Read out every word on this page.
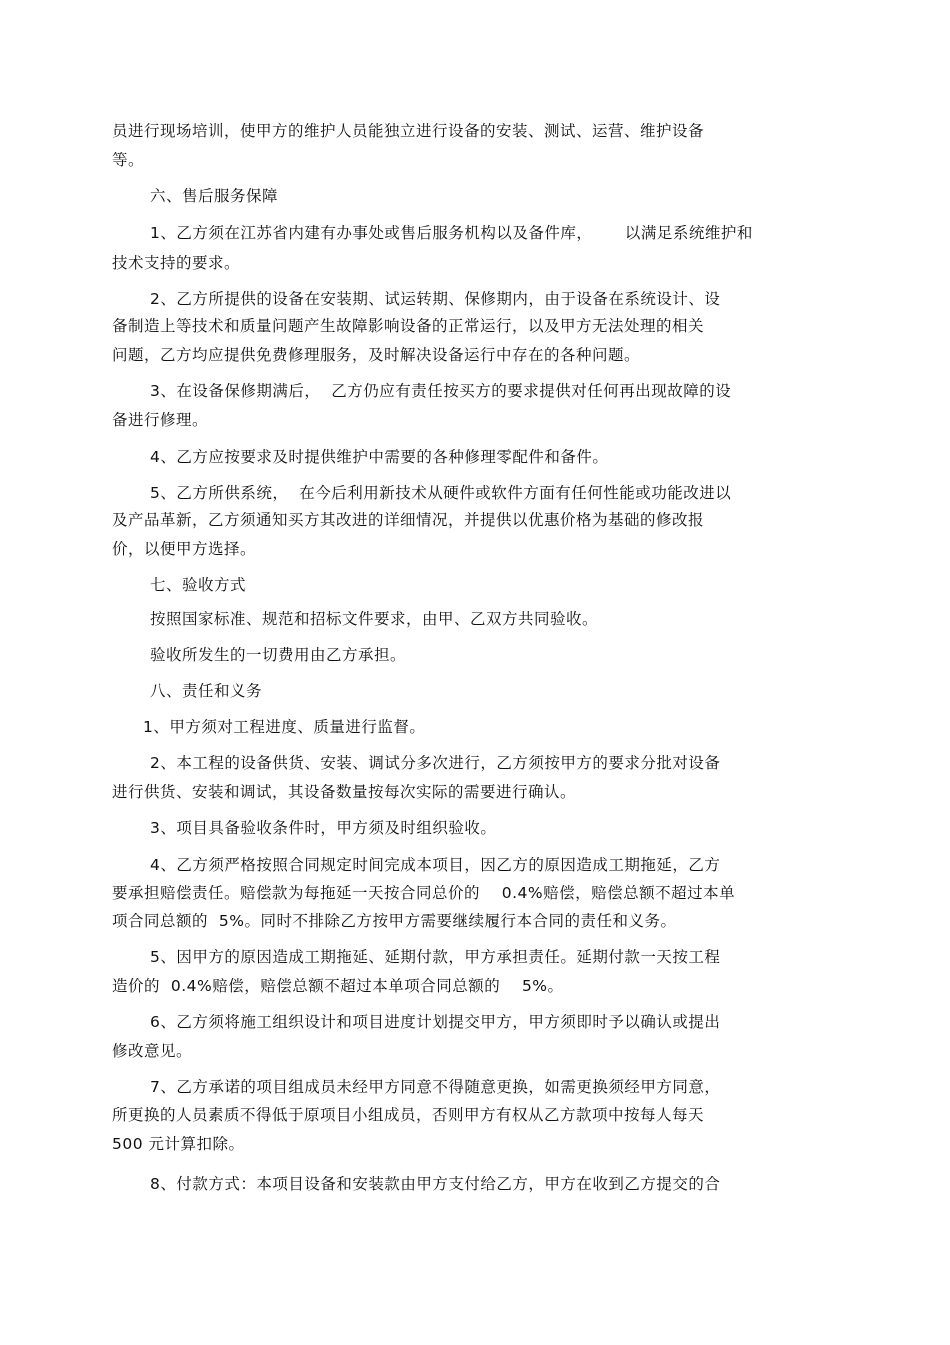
员进行现场培训，使甲方的维护人员能独立进行设备的安装、测试、运营、维护设备
等。
六、售后服务保障
1、乙方须在江苏省内建有办事处或售后服务机构以及备件库，      以满足系统维护和
技术支持的要求。
2、乙方所提供的设备在安装期、试运转期、保修期内，由于设备在系统设计、设
备制造上等技术和质量问题产生故障影响设备的正常运行，以及甲方无法处理的相关
问题，乙方均应提供免费修理服务，及时解决设备运行中存在的各种问题。
3、在设备保修期满后，  乙方仍应有责任按买方的要求提供对任何再出现故障的设
备进行修理。
4、乙方应按要求及时提供维护中需要的各种修理零配件和备件。
5、乙方所供系统，  在今后利用新技术从硬件或软件方面有任何性能或功能改进以
及产品革新，乙方须通知买方其改进的详细情况，并提供以优惠价格为基础的修改报
价，以便甲方选择。
七、验收方式
按照国家标准、规范和招标文件要求，由甲、乙双方共同验收。
验收所发生的一切费用由乙方承担。
八、责任和义务
1、甲方须对工程进度、质量进行监督。
2、本工程的设备供货、安装、调试分多次进行，乙方须按甲方的要求分批对设备
进行供货、安装和调试，其设备数量按每次实际的需要进行确认。
3、项目具备验收条件时，甲方须及时组织验收。
4、乙方须严格按照合同规定时间完成本项目，因乙方的原因造成工期拖延，乙方
要承担赔偿责任。赔偿款为每拖延一天按合同总价的    0.4%赔偿，赔偿总额不超过本单
项合同总额的  5%。同时不排除乙方按甲方需要继续履行本合同的责任和义务。
5、因甲方的原因造成工期拖延、延期付款，甲方承担责任。延期付款一天按工程
造价的  0.4%赔偿，赔偿总额不超过本单项合同总额的    5%。
6、乙方须将施工组织设计和项目进度计划提交甲方，甲方须即时予以确认或提出
修改意见。
7、乙方承诺的项目组成员未经甲方同意不得随意更换，如需更换须经甲方同意，
所更换的人员素质不得低于原项目小组成员，否则甲方有权从乙方款项中按每人每天
500 元计算扣除。
8、付款方式：本项目设备和安装款由甲方支付给乙方，甲方在收到乙方提交的合
